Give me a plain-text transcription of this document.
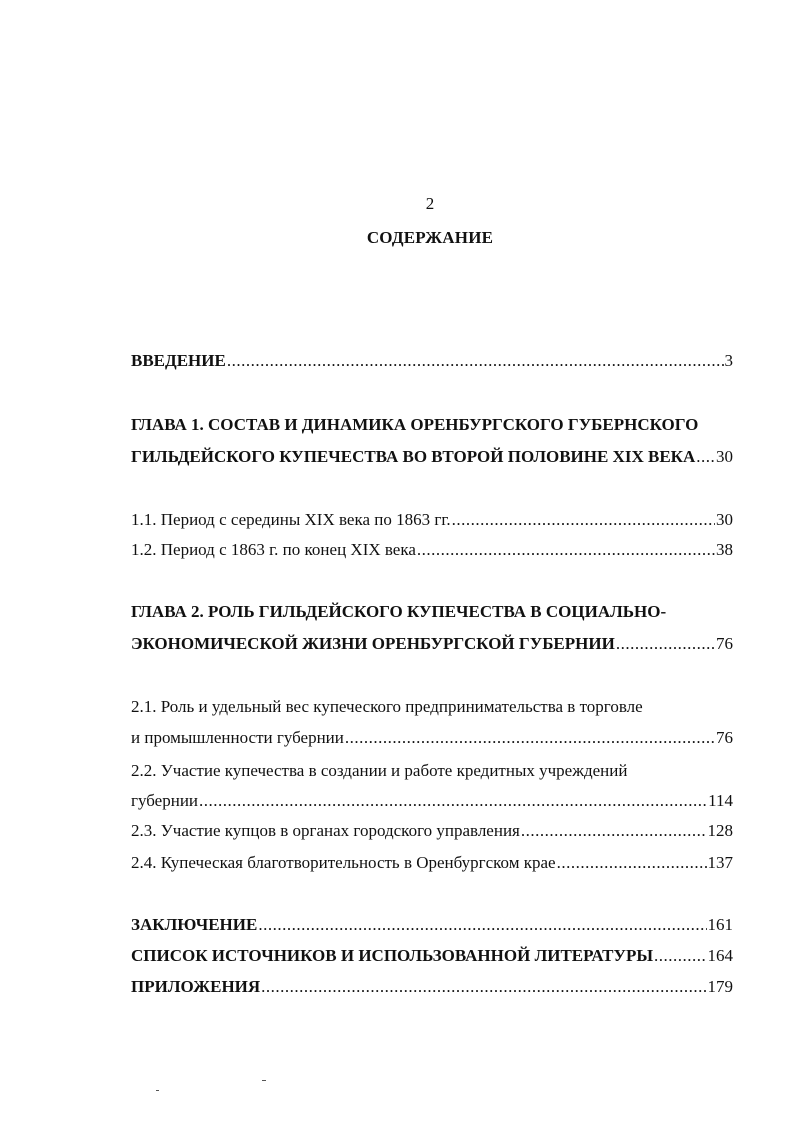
2
СОДЕРЖАНИЕ
ВВЕДЕНИЕ .....	3
ГЛАВА 1. СОСТАВ И ДИНАМИКА ОРЕНБУРГСКОГО ГУБЕРНСКОГО
ГИЛЬДЕЙСКОГО КУПЕЧЕСТВА ВО ВТОРОЙ ПОЛОВИНЕ XIX ВЕКА ..... 30
1.1. Период с середины XIX века по 1863 гг. .....	30
1.2. Период с 1863 г. по конец XIX века .....	38
ГЛАВА 2. РОЛЬ ГИЛЬДЕЙСКОГО КУПЕЧЕСТВА В СОЦИАЛЬНО-
ЭКОНОМИЧЕСКОЙ ЖИЗНИ ОРЕНБУРГСКОЙ ГУБЕРНИИ .....	76
2.1. Роль и удельный вес купеческого предпринимательства в торговле
и промышленности губернии .....	76
2.2. Участие купечества в создании и работе кредитных учреждений
губернии .....	114
2.3. Участие купцов в органах городского управления .....	128
2.4. Купеческая благотворительность в Оренбургском крае .....	137
ЗАКЛЮЧЕНИЕ .....	161
СПИСОК ИСТОЧНИКОВ И ИСПОЛЬЗОВАННОЙ ЛИТЕРАТУРЫ .....	164
ПРИЛОЖЕНИЯ .....	179
